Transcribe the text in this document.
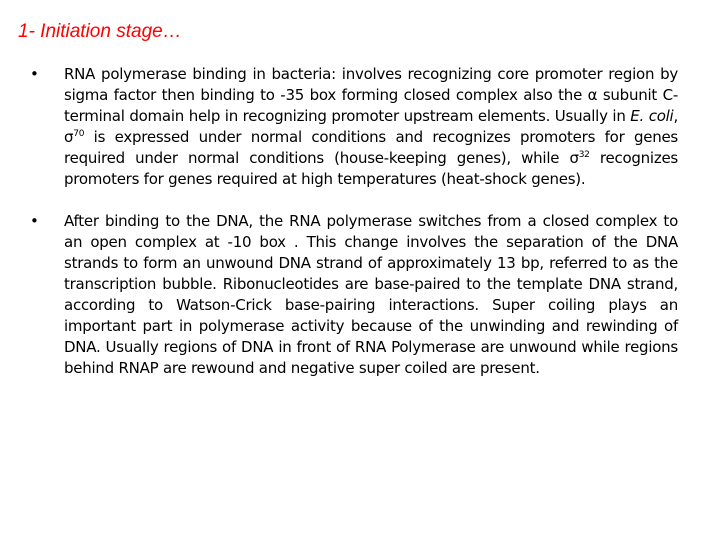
1- Initiation stage…
•	RNA polymerase binding in bacteria: involves recognizing core promoter region by sigma factor then binding to -35 box forming closed complex also the α subunit C-terminal domain help in recognizing promoter upstream elements. Usually in E. coli, $\sigma^{70}$ is expressed under normal conditions and recognizes promoters for genes required under normal conditions (house-keeping genes), while $\sigma^{32}$ recognizes promoters for genes required at high temperatures (heat-shock genes).
•	After binding to the DNA, the RNA polymerase switches from a closed complex to an open complex at -10 box . This change involves the separation of the DNA strands to form an unwound DNA strand of approximately 13 bp, referred to as the transcription bubble. Ribonucleotides are base-paired to the template DNA strand, according to Watson-Crick base-pairing interactions. Super coiling plays an important part in polymerase activity because of the unwinding and rewinding of DNA. Usually regions of DNA in front of RNA Polymerase are unwound while regions behind RNAP are rewound and negative super coiled are present.
